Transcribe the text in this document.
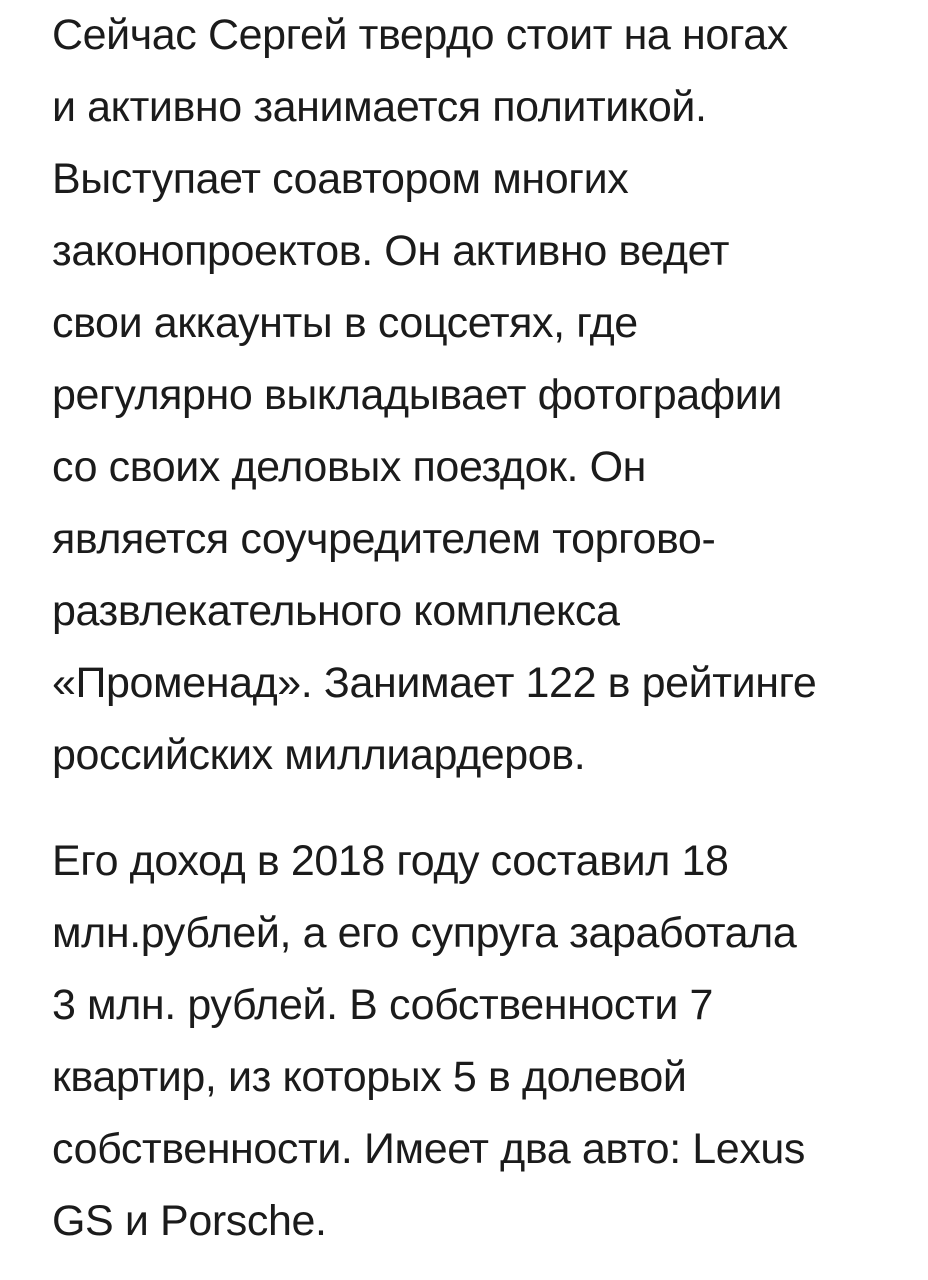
Сейчас Сергей твердо стоит на ногах
и активно занимается политикой.
Выступает соавтором многих
законопроектов. Он активно ведет
свои аккаунты в соцсетях, где
регулярно выкладывает фотографии
со своих деловых поездок. Он
является соучредителем торгово-
развлекательного комплекса
«Променад». Занимает 122 в рейтинге
российских миллиардеров.
Его доход в 2018 году составил 18
млн.рублей, а его супруга заработала
3 млн. рублей. В собственности 7
квартир, из которых 5 в долевой
собственности. Имеет два авто: Lexus
GS и Porsche.
